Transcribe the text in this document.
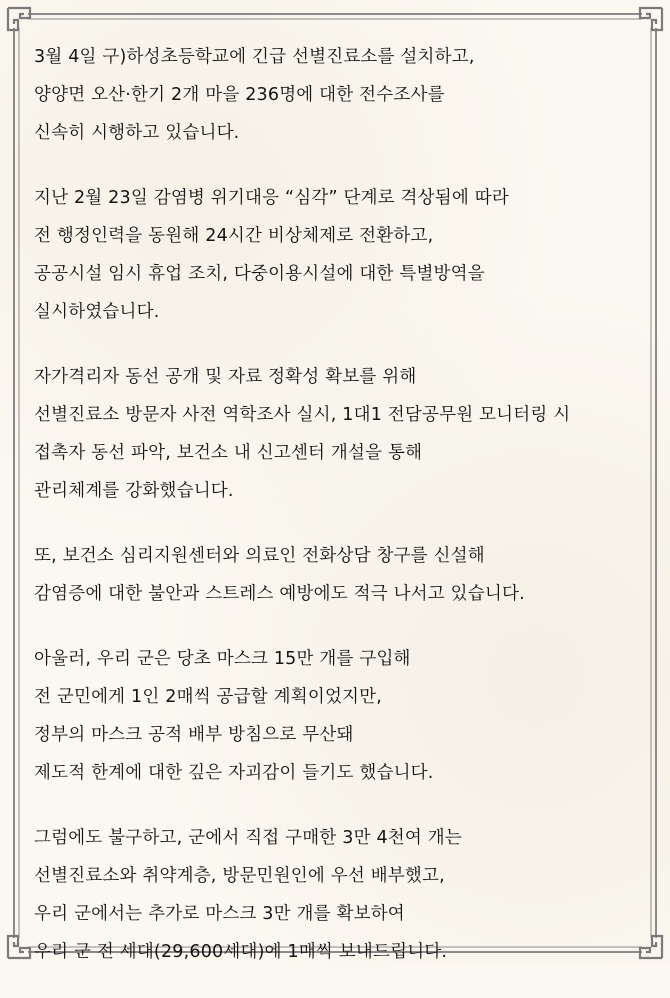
3월 4일 구)하성초등학교에 긴급 선별진료소를 설치하고,
양양면 오산·한기 2개 마을 236명에 대한 전수조사를
신속히 시행하고 있습니다.
지난 2월 23일 감염병 위기대응 “심각” 단계로 격상됨에 따라
전 행정인력을 동원해 24시간 비상체제로 전환하고,
공공시설 임시 휴업 조치, 다중이용시설에 대한 특별방역을
실시하였습니다.
자가격리자 동선 공개 및 자료 정확성 확보를 위해
선별진료소 방문자 사전 역학조사 실시, 1대1 전담공무원 모니터링 시
접촉자 동선 파악, 보건소 내 신고센터 개설을 통해
관리체계를 강화했습니다.
또, 보건소 심리지원센터와 의료인 전화상담 창구를 신설해
감염증에 대한 불안과 스트레스 예방에도 적극 나서고 있습니다.
아울러, 우리 군은 당초 마스크 15만 개를 구입해
전 군민에게 1인 2매씩 공급할 계획이었지만,
정부의 마스크 공적 배부 방침으로 무산돼
제도적 한계에 대한 깊은 자괴감이 들기도 했습니다.
그럼에도 불구하고, 군에서 직접 구매한 3만 4천여 개는
선별진료소와 취약계층, 방문민원인에 우선 배부했고,
우리 군에서는 추가로 마스크 3만 개를 확보하여
우리 군 전 세대(29,600세대)에 1매씩 보내드립니다.
